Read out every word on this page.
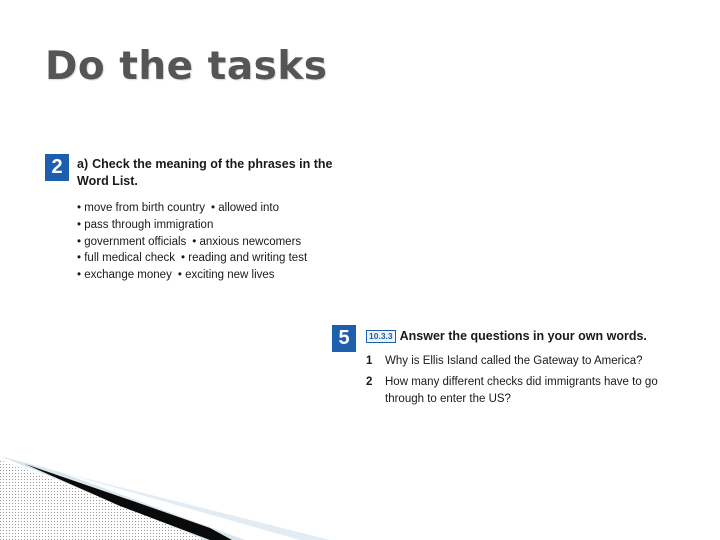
Do the tasks
2	a) Check the meaning of the phrases in the Word List.
• move from birth country • allowed into
• pass through immigration
• government officials • anxious newcomers
• full medical check • reading and writing test
• exchange money • exciting new lives
5	10.3.3 Answer the questions in your own words.
1	Why is Ellis Island called the Gateway to America?
2	How many different checks did immigrants have to go through to enter the US?
